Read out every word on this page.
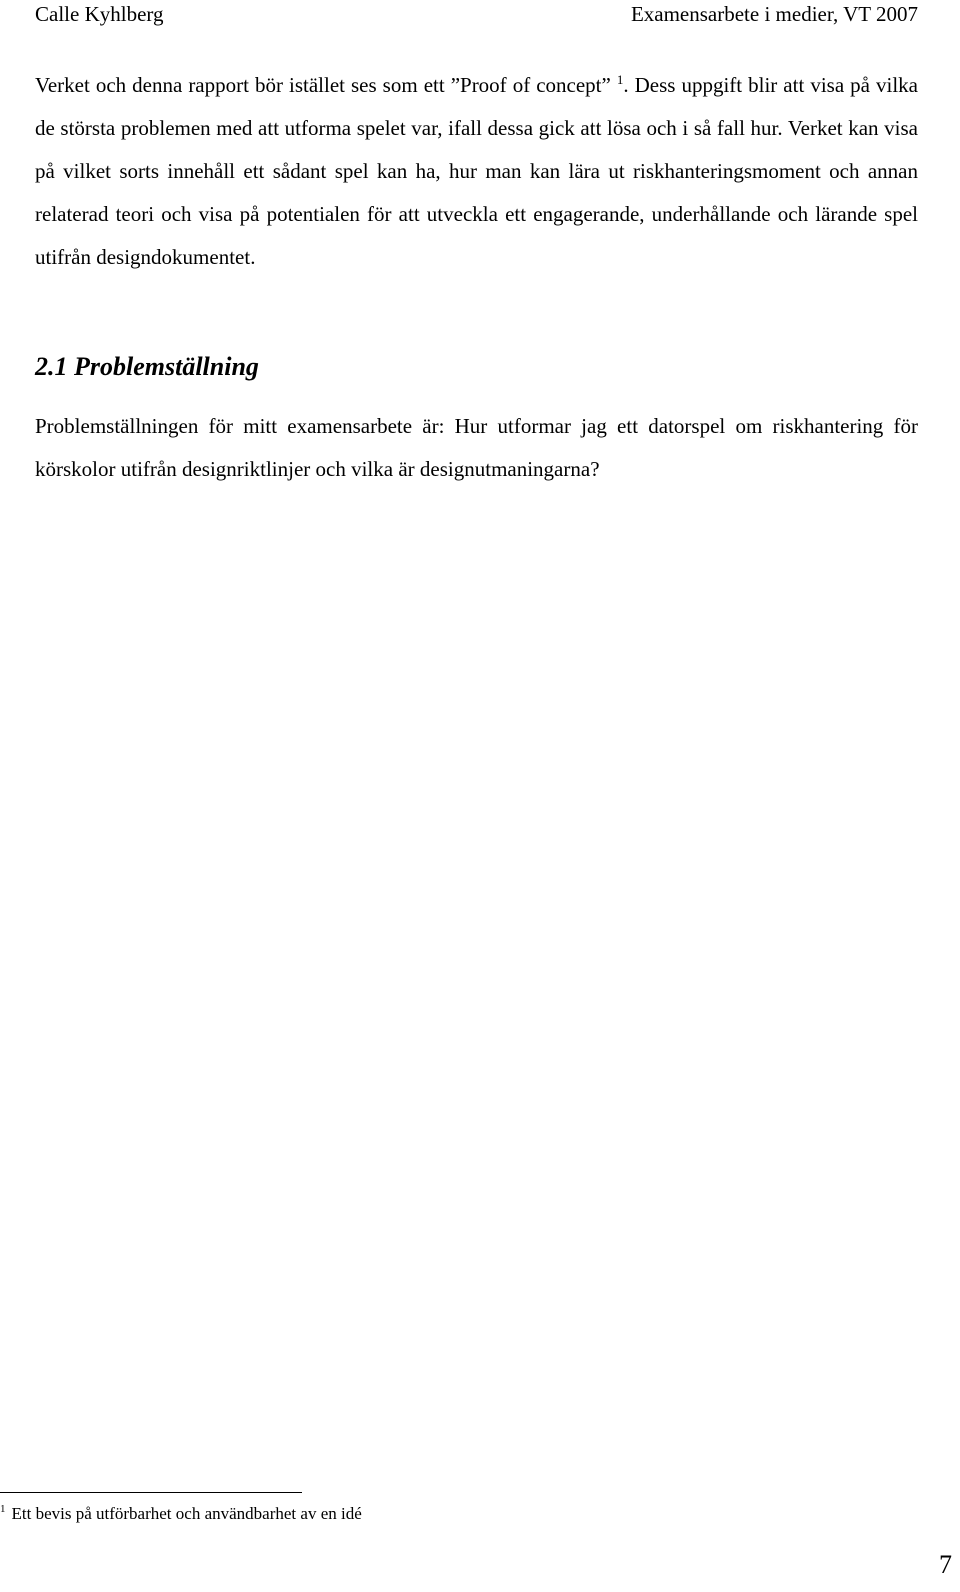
Calle Kyhlberg	Examensarbete i medier, VT 2007

Verket och denna rapport bör istället ses som ett ”Proof of concept” $^1$. Dess uppgift blir att visa på vilka de största problemen med att utforma spelet var, ifall dessa gick att lösa och i så fall hur. Verket kan visa på vilket sorts innehåll ett sådant spel kan ha, hur man kan lära ut riskhanteringsmoment och annan relaterad teori och visa på potentialen för att utveckla ett engagerande, underhållande och lärande spel utifrån designdokumentet.

2.1 Problemställning

Problemställningen för mitt examensarbete är: Hur utformar jag ett datorspel om riskhantering för körskolor utifrån designriktlinjer och vilka är designutmaningarna?

$^1$ Ett bevis på utförbarhet och användbarhet av en idé
7
